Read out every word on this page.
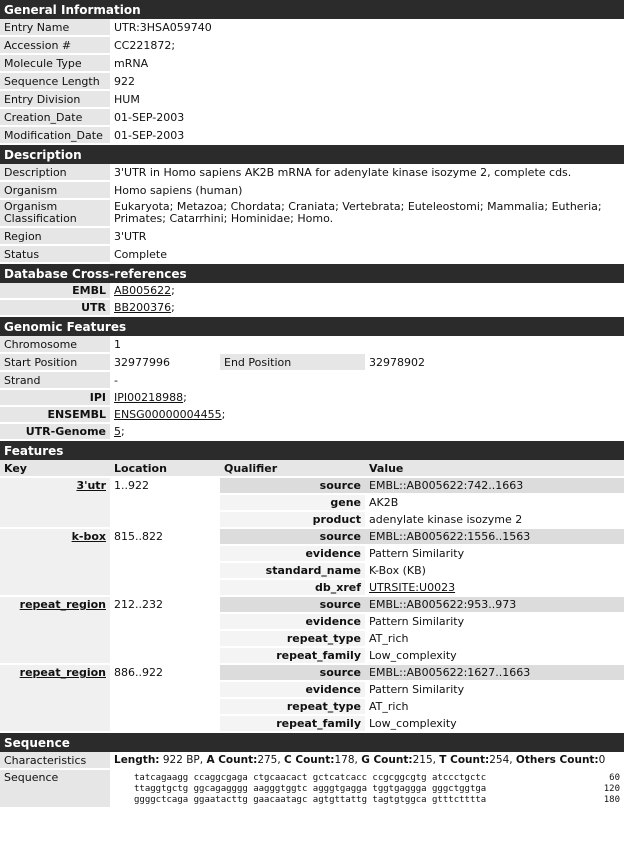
General Information	
Entry Name	UTR:3HSA059740
Accession #	CC221872;
Molecule Type	mRNA
Sequence Length	922
Entry Division	HUM
Creation_Date	01-SEP-2003
Modification_Date	01-SEP-2003
Description	
Description	3'UTR in Homo sapiens AK2B mRNA for adenylate kinase isozyme 2, complete cds.
Organism	Homo sapiens (human)
Organism Classification	Eukaryota; Metazoa; Chordata; Craniata; Vertebrata; Euteleostomi; Mammalia; Eutheria; Primates; Catarrhini; Hominidae; Homo.
Region	3'UTR
Status	Complete
Database Cross-references	
EMBL	AB005622;
UTR	BB200376;
Genomic Features			
Chromosome	1		
Start Position	32977996	End Position	32978902
Strand	-		
IPI	IPI00218988;		
ENSEMBL	ENSG00000004455;		
UTR-Genome	5;		
Features			
Key	Location	Qualifier	Value
3'utr	1..922	source	EMBL::AB005622:742..1663
		gene	AK2B
		product	adenylate kinase isozyme 2
k-box	815..822	source	EMBL::AB005622:1556..1563
		evidence	Pattern Similarity
		standard_name	K-Box (KB)
		db_xref	UTRSITE:U0023
repeat_region	212..232	source	EMBL::AB005622:953..973
		evidence	Pattern Similarity
		repeat_type	AT_rich
		repeat_family	Low_complexity
repeat_region	886..922	source	EMBL::AB005622:1627..1663
		evidence	Pattern Similarity
		repeat_type	AT_rich
		repeat_family	Low_complexity
Sequence
Characteristics	Length: 922 BP, A Count:275, C Count:178, G Count:215, T Count:254, Others Count:0
Sequence		tatcagaagg ccaggcgaga ctgcaacact gctcatcacc ccgcggcgtg atccctgctc	60
ttaggtgctg ggcagagggg aagggtggtc agggtgagga tggtgaggga gggctggtga	120
ggggctcaga ggaatacttg gaacaatagc agtgttattg tagtgtggca gtttctttta	180
